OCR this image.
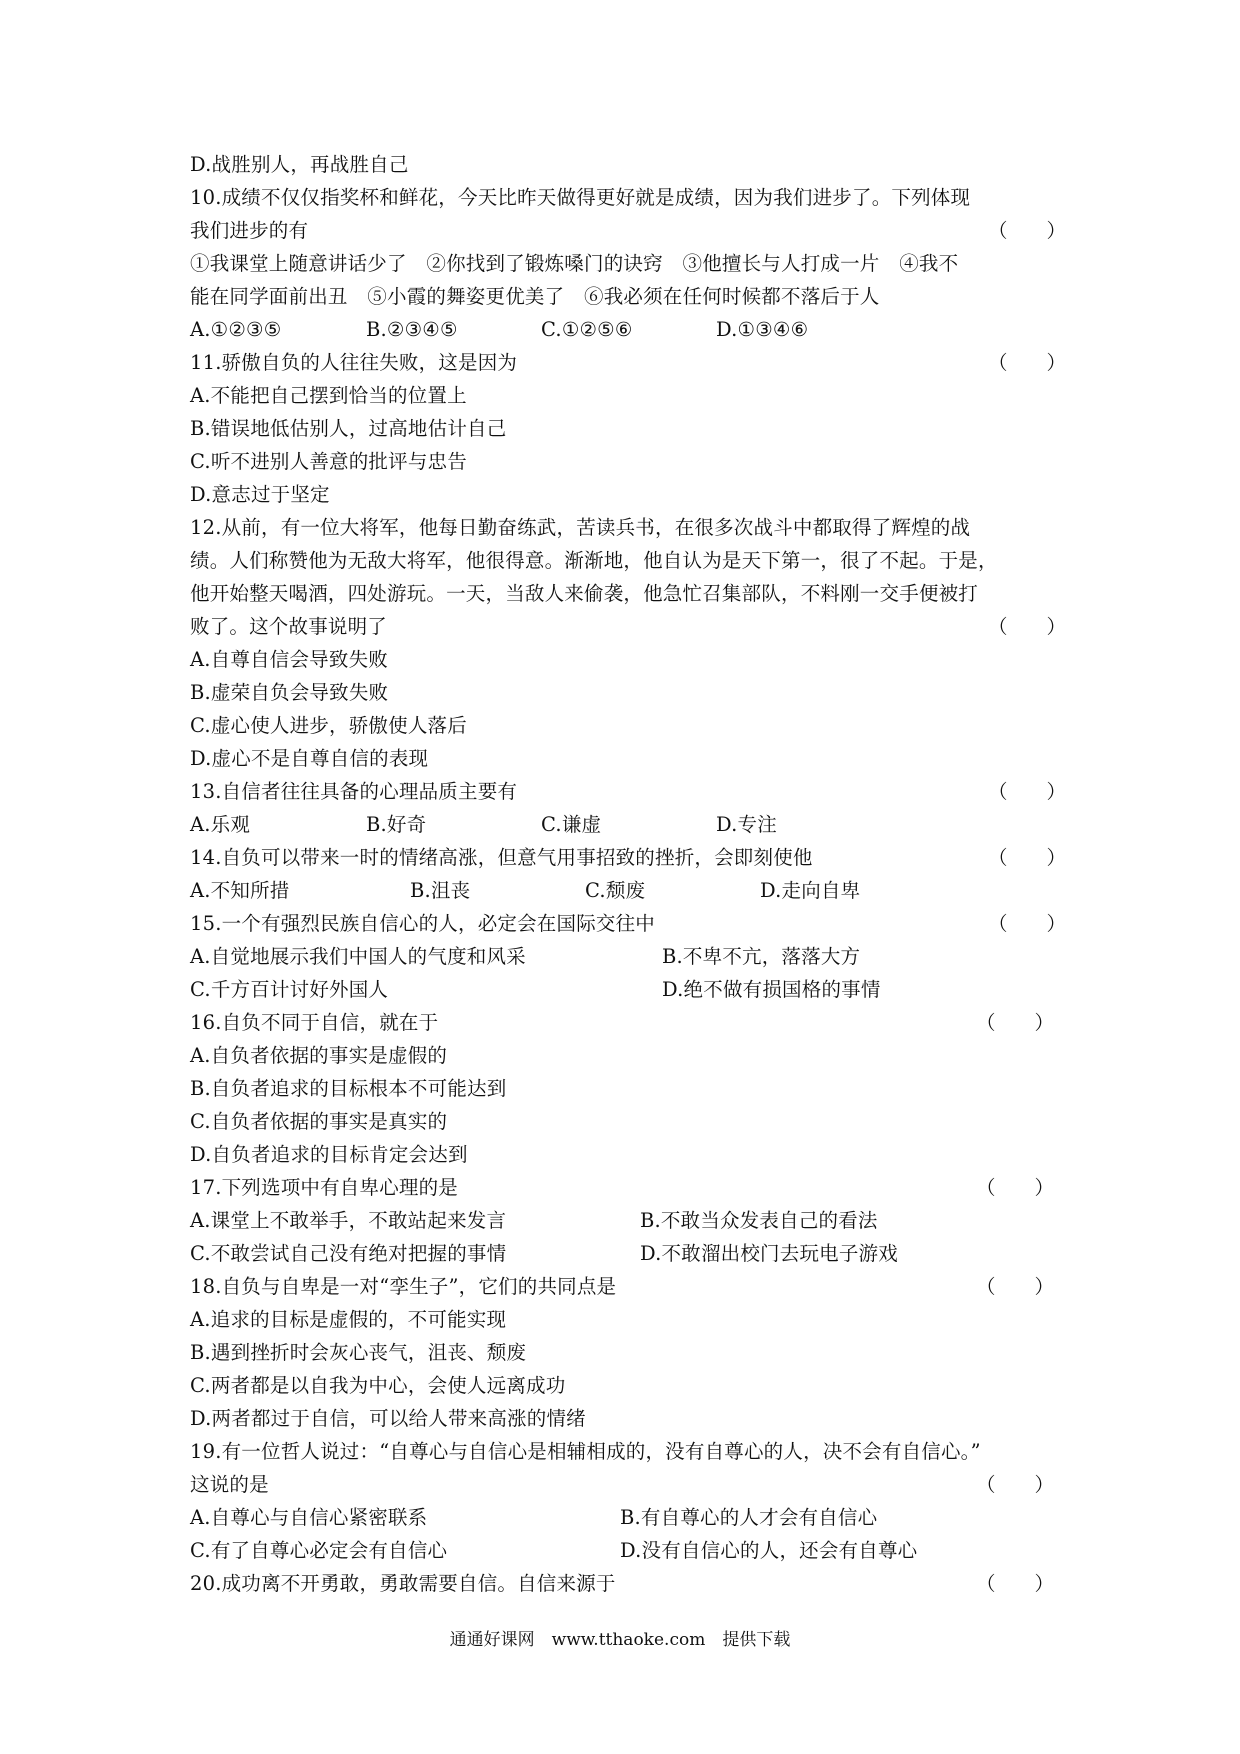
D.战胜别人，再战胜自己
10.成绩不仅仅指奖杯和鲜花，今天比昨天做得更好就是成绩，因为我们进步了。下列体现
我们进步的有	（　　）
①我课堂上随意讲话少了　②你找到了锻炼嗓门的诀窍　③他擅长与人打成一片　④我不
能在同学面前出丑　⑤小霞的舞姿更优美了　⑥我必须在任何时候都不落后于人
A.①②③⑤	B.②③④⑤	C.①②⑤⑥	D.①③④⑥
11.骄傲自负的人往往失败，这是因为	（　　）
A.不能把自己摆到恰当的位置上
B.错误地低估别人，过高地估计自己
C.听不进别人善意的批评与忠告
D.意志过于坚定
12.从前，有一位大将军，他每日勤奋练武，苦读兵书，在很多次战斗中都取得了辉煌的战
绩。人们称赞他为无敌大将军，他很得意。渐渐地，他自认为是天下第一，很了不起。于是，
他开始整天喝酒，四处游玩。一天，当敌人来偷袭，他急忙召集部队，不料刚一交手便被打
败了。这个故事说明了	（　　）
A.自尊自信会导致失败
B.虚荣自负会导致失败
C.虚心使人进步，骄傲使人落后
D.虚心不是自尊自信的表现
13.自信者往往具备的心理品质主要有	（　　）
A.乐观	B.好奇	C.谦虚	D.专注
14.自负可以带来一时的情绪高涨，但意气用事招致的挫折，会即刻使他	（　　）
A.不知所措	B.沮丧	C.颓废	D.走向自卑
15.一个有强烈民族自信心的人，必定会在国际交往中	（　　）
A.自觉地展示我们中国人的气度和风采	B.不卑不亢，落落大方
C.千方百计讨好外国人	D.绝不做有损国格的事情
16.自负不同于自信，就在于	（　　）
A.自负者依据的事实是虚假的
B.自负者追求的目标根本不可能达到
C.自负者依据的事实是真实的
D.自负者追求的目标肯定会达到
17.下列选项中有自卑心理的是	（　　）
A.课堂上不敢举手，不敢站起来发言	B.不敢当众发表自己的看法
C.不敢尝试自己没有绝对把握的事情	D.不敢溜出校门去玩电子游戏
18.自负与自卑是一对“孪生子”，它们的共同点是	（　　）
A.追求的目标是虚假的，不可能实现
B.遇到挫折时会灰心丧气，沮丧、颓废
C.两者都是以自我为中心，会使人远离成功
D.两者都过于自信，可以给人带来高涨的情绪
19.有一位哲人说过：“自尊心与自信心是相辅相成的，没有自尊心的人，决不会有自信心。”
这说的是	（　　）
A.自尊心与自信心紧密联系	B.有自尊心的人才会有自信心
C.有了自尊心必定会有自信心	D.没有自信心的人，还会有自尊心
20.成功离不开勇敢，勇敢需要自信。自信来源于	（　　）
通通好课网　www.tthaoke.com　提供下载
